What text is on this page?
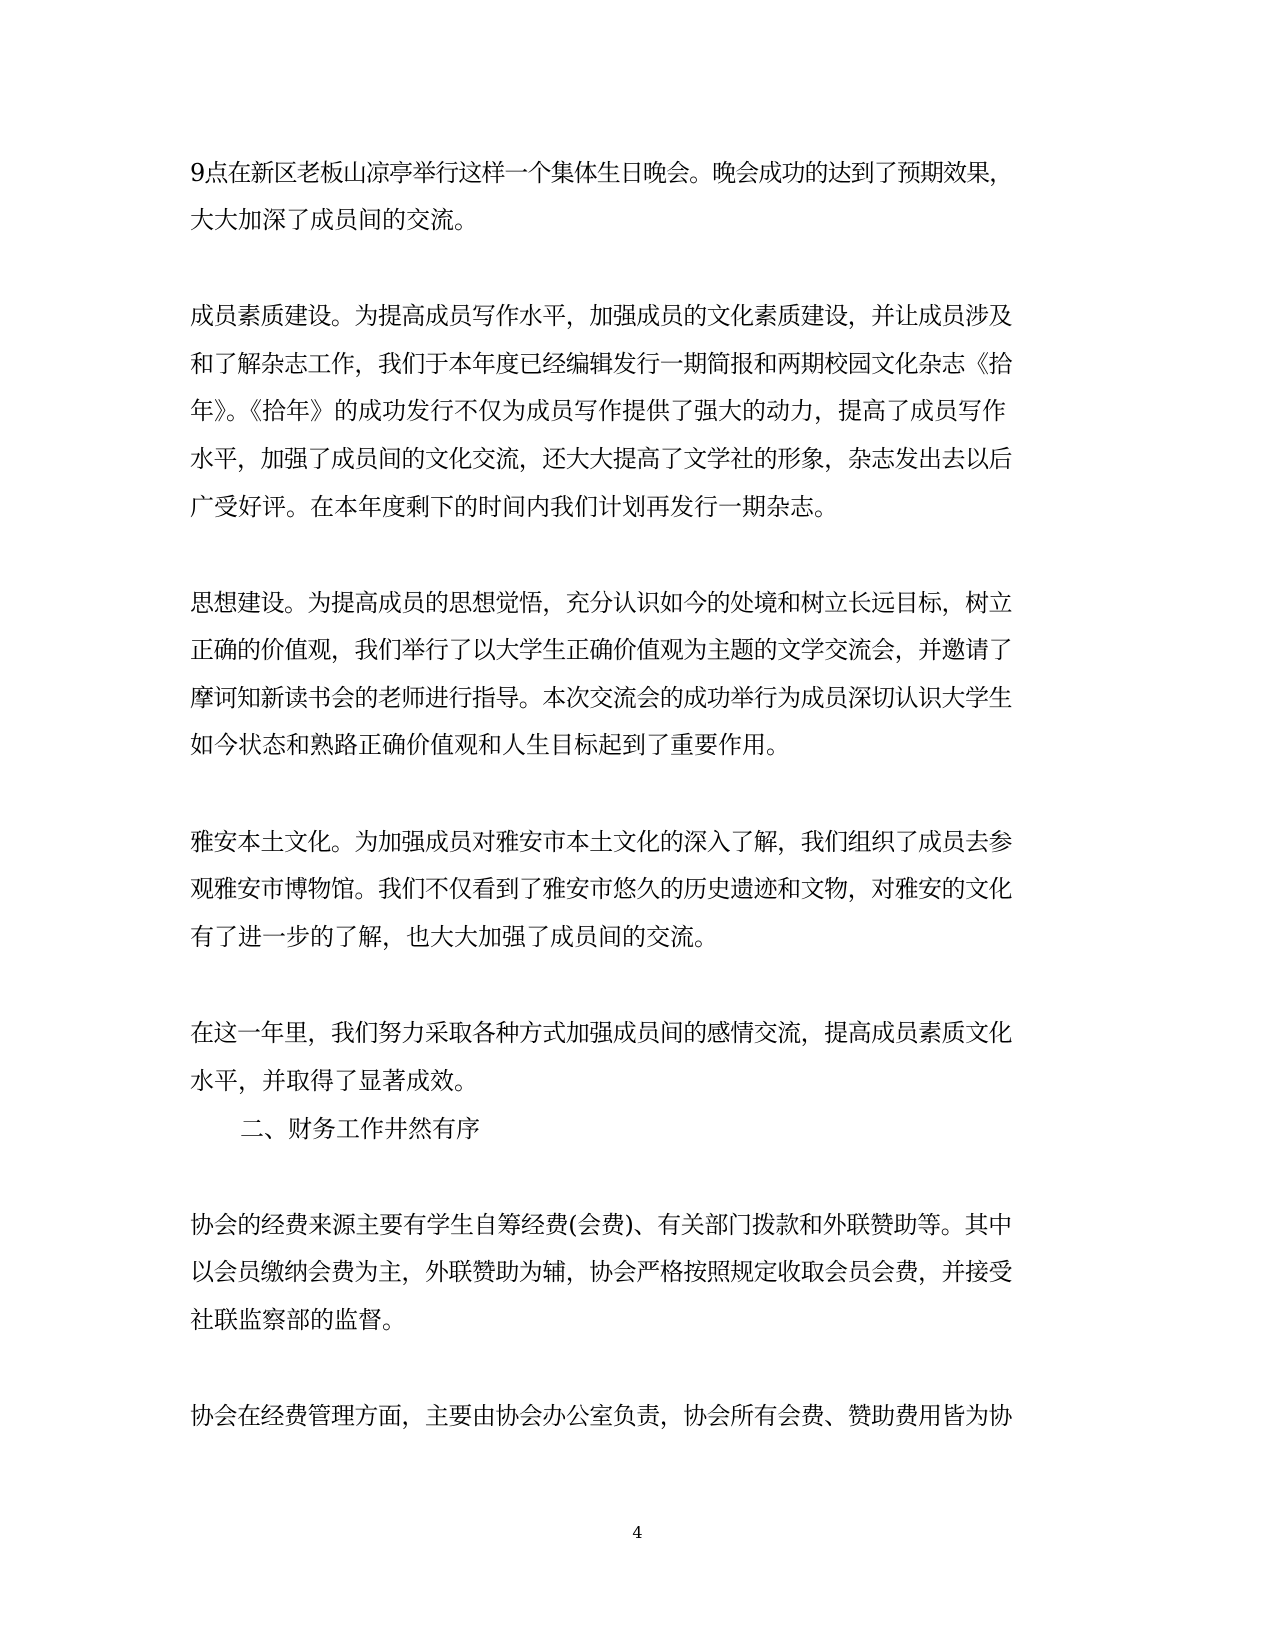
9点在新区老板山凉亭举行这样一个集体生日晚会。晚会成功的达到了预期效果，
大大加深了成员间的交流。
成员素质建设。为提高成员写作水平，加强成员的文化素质建设，并让成员涉及
和了解杂志工作，我们于本年度已经编辑发行一期简报和两期校园文化杂志《拾
年》。《拾年》的成功发行不仅为成员写作提供了强大的动力，提高了成员写作
水平，加强了成员间的文化交流，还大大提高了文学社的形象，杂志发出去以后
广受好评。在本年度剩下的时间内我们计划再发行一期杂志。
思想建设。为提高成员的思想觉悟，充分认识如今的处境和树立长远目标，树立
正确的价值观，我们举行了以大学生正确价值观为主题的文学交流会，并邀请了
摩诃知新读书会的老师进行指导。本次交流会的成功举行为成员深切认识大学生
如今状态和熟路正确价值观和人生目标起到了重要作用。
雅安本土文化。为加强成员对雅安市本土文化的深入了解，我们组织了成员去参
观雅安市博物馆。我们不仅看到了雅安市悠久的历史遗迹和文物，对雅安的文化
有了进一步的了解，也大大加强了成员间的交流。
在这一年里，我们努力采取各种方式加强成员间的感情交流，提高成员素质文化
水平，并取得了显著成效。
二、财务工作井然有序
协会的经费来源主要有学生自筹经费(会费)、有关部门拨款和外联赞助等。其中
以会员缴纳会费为主，外联赞助为辅，协会严格按照规定收取会员会费，并接受
社联监察部的监督。
协会在经费管理方面，主要由协会办公室负责，协会所有会费、赞助费用皆为协
4
